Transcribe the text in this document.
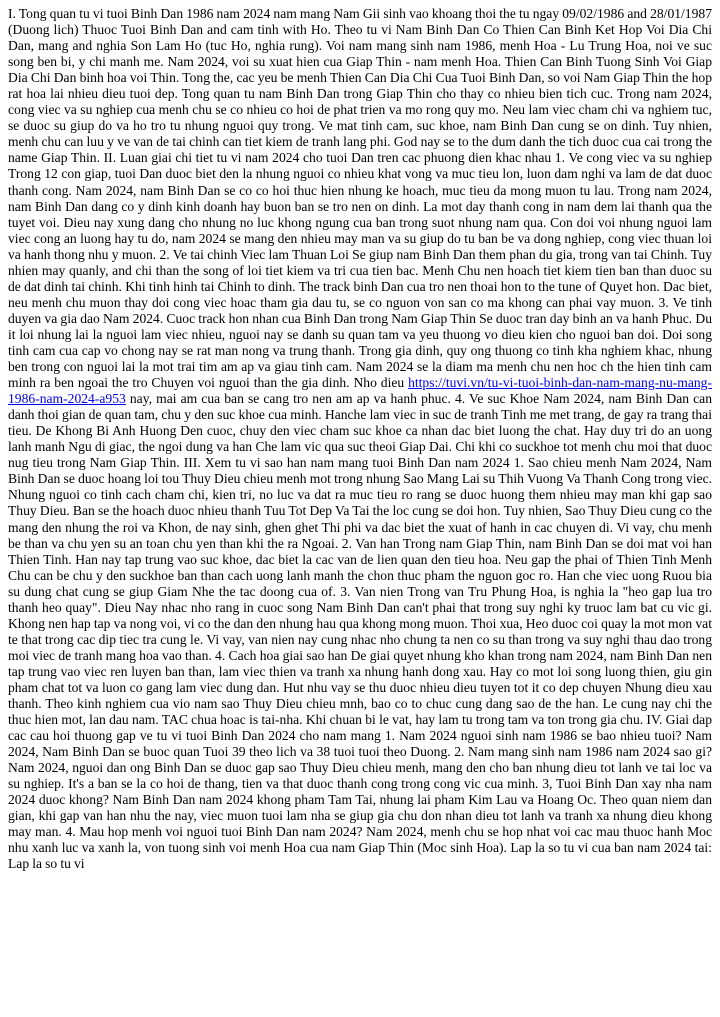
I. Tong quan tu vi tuoi Binh Dan 1986 nam 2024 nam mang Nam Gii sinh vao khoang thoi the tu ngay 09/02/1986 and 28/01/1987 (Duong lich) Thuoc Tuoi Binh Dan and cam tinh with Ho. Theo tu vi Nam Binh Dan Co Thien Can Binh Ket Hop Voi Dia Chi Dan, mang and nghia Son Lam Ho (tuc Ho, nghia rung). Voi nam mang sinh nam 1986, menh Hoa - Lu Trung Hoa, noi ve suc song ben bi, y chi manh me. Nam 2024, voi su xuat hien cua Giap Thin - nam menh Hoa. Thien Can Binh Tuong Sinh Voi Giap Dia Chi Dan binh hoa voi Thin. Tong the, cac yeu be menh Thien Can Dia Chi Cua Tuoi Binh Dan, so voi Nam Giap Thin the hop rat hoa lai nhieu dieu tuoi dep. Tong quan tu nam Binh Dan trong Giap Thin cho thay co nhieu bien tich cuc. Trong nam 2024, cong viec va su nghiep cua menh chu se co nhieu co hoi de phat trien va mo rong quy mo. Neu lam viec cham chi va nghiem tuc, se duoc su giup do va ho tro tu nhung nguoi quy trong. Ve mat tinh cam, suc khoe, nam Binh Dan cung se on dinh. Tuy nhien, menh chu can luu y ve van de tai chinh can tiet kiem de tranh lang phi. God nay se to the dum danh the tich duoc cua cai trong the name Giap Thin. II. Luan giai chi tiet tu vi nam 2024 cho tuoi Dan tren cac phuong dien khac nhau 1. Ve cong viec va su nghiep Trong 12 con giap, tuoi Dan duoc biet den la nhung nguoi co nhieu khat vong va muc tieu lon, luon dam nghi va lam de dat duoc thanh cong. Nam 2024, nam Binh Dan se co co hoi thuc hien nhung ke hoach, muc tieu da mong muon tu lau. Trong nam 2024, nam Binh Dan dang co y dinh kinh doanh hay buon ban se tro nen on dinh. La mot day thanh cong in nam dem lai thanh qua the tuyet voi. Dieu nay xung dang cho nhung no luc khong ngung cua ban trong suot nhung nam qua. Con doi voi nhung nguoi lam viec cong an luong hay tu do, nam 2024 se mang den nhieu may man va su giup do tu ban be va dong nghiep, cong viec thuan loi va hanh thong nhu y muon. 2. Ve tai chinh Viec lam Thuan Loi Se giup nam Binh Dan them phan du gia, trong van tai Chinh. Tuy nhien may quanly, and chi than the song of loi tiet kiem va tri cua tien bac. Menh Chu nen hoach tiet kiem tien ban than duoc su de dat dinh tai chinh. Khi tinh hinh tai Chinh to dinh. The track binh Dan cua tro nen thoai hon to the tune of Quyet hon. Dac biet, neu menh chu muon thay doi cong viec hoac tham gia dau tu, se co nguon von san co ma khong can phai vay muon. 3. Ve tinh duyen va gia dao Nam 2024. Cuoc track hon nhan cua Binh Dan trong Nam Giap Thin Se duoc tran day binh an va hanh Phuc. Du it loi nhung lai la nguoi lam viec nhieu, nguoi nay se danh su quan tam va yeu thuong vo dieu kien cho nguoi ban doi. Doi song tinh cam cua cap vo chong nay se rat man nong va trung thanh. Trong gia dinh, quy ong thuong co tinh kha nghiem khac, nhung ben trong con nguoi lai la mot trai tim am ap va giau tinh cam. Nam 2024 se la diam ma menh chu nen hoc ch the hien tinh cam minh ra ben ngoai the tro Chuyen voi nguoi than the gia dinh. Nho dieu https://tuvi.vn/tu-vi-tuoi-binh-dan-nam-mang-nu-mang-1986-nam-2024-a953 nay, mai am cua ban se cang tro nen am ap va hanh phuc. 4. Ve suc Khoe Nam 2024, nam Binh Dan can danh thoi gian de quan tam, chu y den suc khoe cua minh. Hanche lam viec in suc de tranh Tinh me met trang, de gay ra trang thai tieu. De Khong Bi Anh Huong Den cuoc, chuy den viec cham suc khoe ca nhan dac biet luong the chat. Hay duy tri do an uong lanh manh Ngu di giac, the ngoi dung va han Che lam vic qua suc theoi Giap Dai. Chi khi co suckhoe tot menh chu moi that duoc nug tieu trong Nam Giap Thin. III. Xem tu vi sao han nam mang tuoi Binh Dan nam 2024 1. Sao chieu menh Nam 2024, Nam Binh Dan se duoc hoang loi tou Thuy Dieu chieu menh mot trong nhung Sao Mang Lai su Thih Vuong Va Thanh Cong trong viec. Nhung nguoi co tinh cach cham chi, kien tri, no luc va dat ra muc tieu ro rang se duoc huong them nhieu may man khi gap sao Thuy Dieu. Ban se the hoach duoc nhieu thanh Tuu Tot Dep Va Tai the loc cung se doi hon. Tuy nhien, Sao Thuy Dieu cung co the mang den nhung the roi va Khon, de nay sinh, ghen ghet Thi phi va dac biet the xuat of hanh in cac chuyen di. Vi vay, chu menh be than va chu yen su an toan chu yen than khi the ra Ngoai. 2. Van han Trong nam Giap Thin, nam Binh Dan se doi mat voi han Thien Tinh. Han nay tap trung vao suc khoe, dac biet la cac van de lien quan den tieu hoa. Neu gap the phai of Thien Tinh Menh Chu can be chu y den suckhoe ban than cach uong lanh manh the chon thuc pham the nguon goc ro. Han che viec uong Ruou bia su dung chat cung se giup Giam Nhe the tac doong cua of. 3. Van nien Trong van Tru Phung Hoa, is nghia la "heo gap lua tro thanh heo quay". Dieu Nay nhac nho rang in cuoc song Nam Binh Dan can't phai that trong suy nghi ky truoc lam bat cu vic gi. Khong nen hap tap va nong voi, vi co the dan den nhung hau qua khong mong muon. Thoi xua, Heo duoc coi quay la mot mon vat te that trong cac dip tiec tra cung le. Vi vay, van nien nay cung nhac nho chung ta nen co su than trong va suy nghi thau dao trong moi viec de tranh mang hoa vao than. 4. Cach hoa giai sao han De giai quyet nhung kho khan trong nam 2024, nam Binh Dan nen tap trung vao viec ren luyen ban than, lam viec thien va tranh xa nhung hanh dong xau. Hay co mot loi song luong thien, giu gin pham chat tot va luon co gang lam viec dung dan. Hut nhu vay se thu duoc nhieu dieu tuyen tot it co dep chuyen Nhung dieu xau thanh. Theo kinh nghiem cua vio nam sao Thuy Dieu chieu mnh, bao co to chuc cung dang sao de the han. Le cung nay chi the thuc hien mot, lan dau nam. TAC chua hoac is tai-nha. Khi chuan bi le vat, hay lam tu trong tam va ton trong gia chu. IV. Giai dap cac cau hoi thuong gap ve tu vi tuoi Binh Dan 2024 cho nam mang 1. Nam 2024 nguoi sinh nam 1986 se bao nhieu tuoi? Nam 2024, Nam Binh Dan se buoc quan Tuoi 39 theo lich va 38 tuoi tuoi theo Duong. 2. Nam mang sinh nam 1986 nam 2024 sao gi? Nam 2024, nguoi dan ong Binh Dan se duoc gap sao Thuy Dieu chieu menh, mang den cho ban nhung dieu tot lanh ve tai loc va su nghiep. It's a ban se la co hoi de thang, tien va that duoc thanh cong trong cong vic cua minh. 3, Tuoi Binh Dan xay nha nam 2024 duoc khong? Nam Binh Dan nam 2024 khong pham Tam Tai, nhung lai pham Kim Lau va Hoang Oc. Theo quan niem dan gian, khi gap van han nhu the nay, viec muon tuoi lam nha se giup gia chu don nhan dieu tot lanh va tranh xa nhung dieu khong may man. 4. Mau hop menh voi nguoi tuoi Binh Dan nam 2024? Nam 2024, menh chu se hop nhat voi cac mau thuoc hanh Moc nhu xanh luc va xanh la, von tuong sinh voi menh Hoa cua nam Giap Thin (Moc sinh Hoa). Lap la so tu vi cua ban nam 2024 tai: Lap la so tu vi
